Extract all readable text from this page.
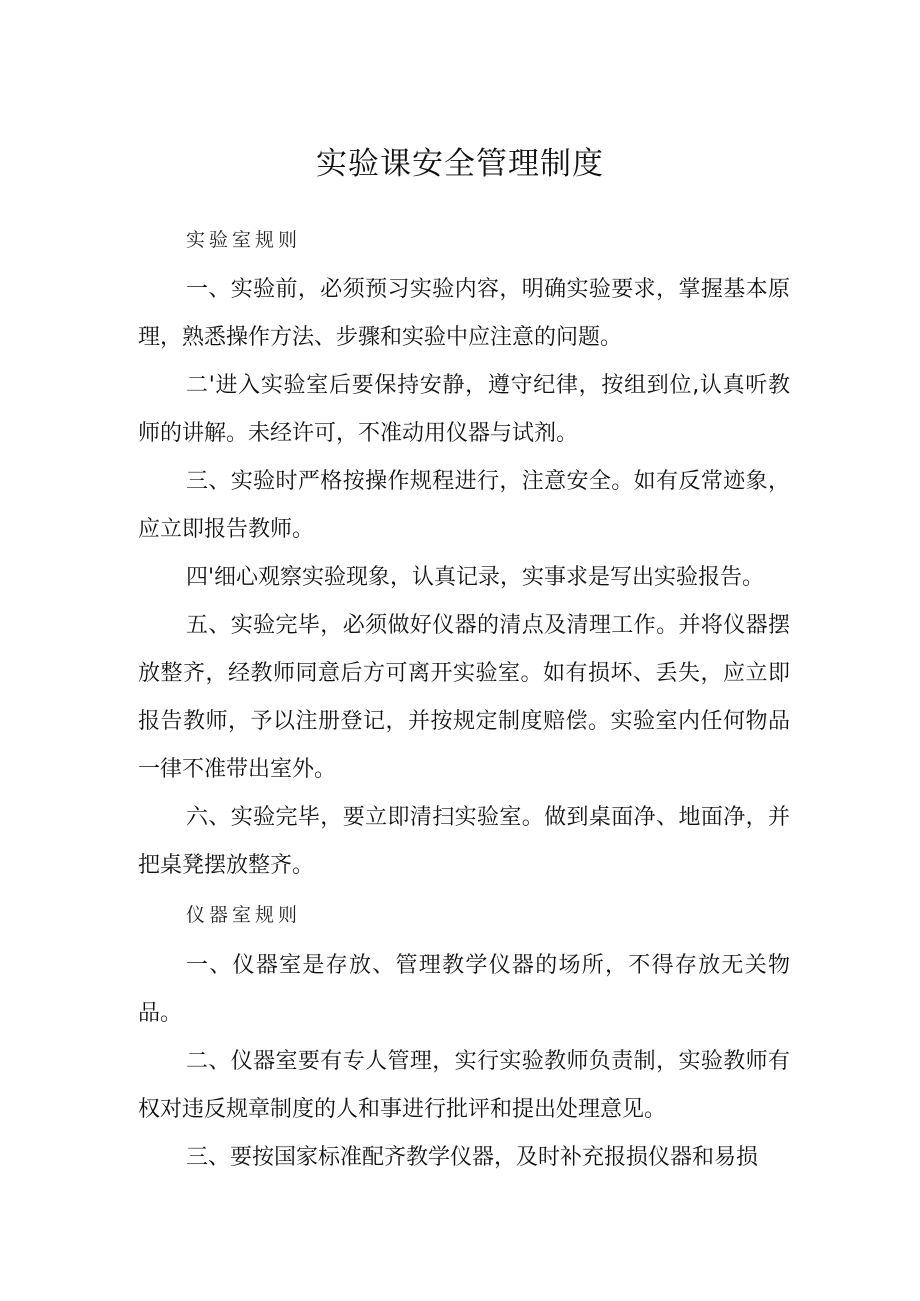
实验课安全管理制度
实验室规则

一、实验前，必须预习实验内容，明确实验要求，掌握基本原理，熟悉操作方法、步骤和实验中应注意的问题。

二'进入实验室后要保持安静，遵守纪律，按组到位,认真听教师的讲解。未经许可，不准动用仪器与试剂。

三、实验时严格按操作规程进行，注意安全。如有反常迹象，应立即报告教师。

四'细心观察实验现象，认真记录，实事求是写出实验报告。

五、实验完毕，必须做好仪器的清点及清理工作。并将仪器摆放整齐，经教师同意后方可离开实验室。如有损坏、丢失，应立即报告教师，予以注册登记，并按规定制度赔偿。实验室内任何物品一律不准带出室外。

六、实验完毕，要立即清扫实验室。做到桌面净、地面净，并把桌凳摆放整齐。

仪器室规则

一、仪器室是存放、管理教学仪器的场所，不得存放无关物品。

二、仪器室要有专人管理，实行实验教师负责制，实验教师有权对违反规章制度的人和事进行批评和提出处理意见。

三、要按国家标准配齐教学仪器，及时补充报损仪器和易损
